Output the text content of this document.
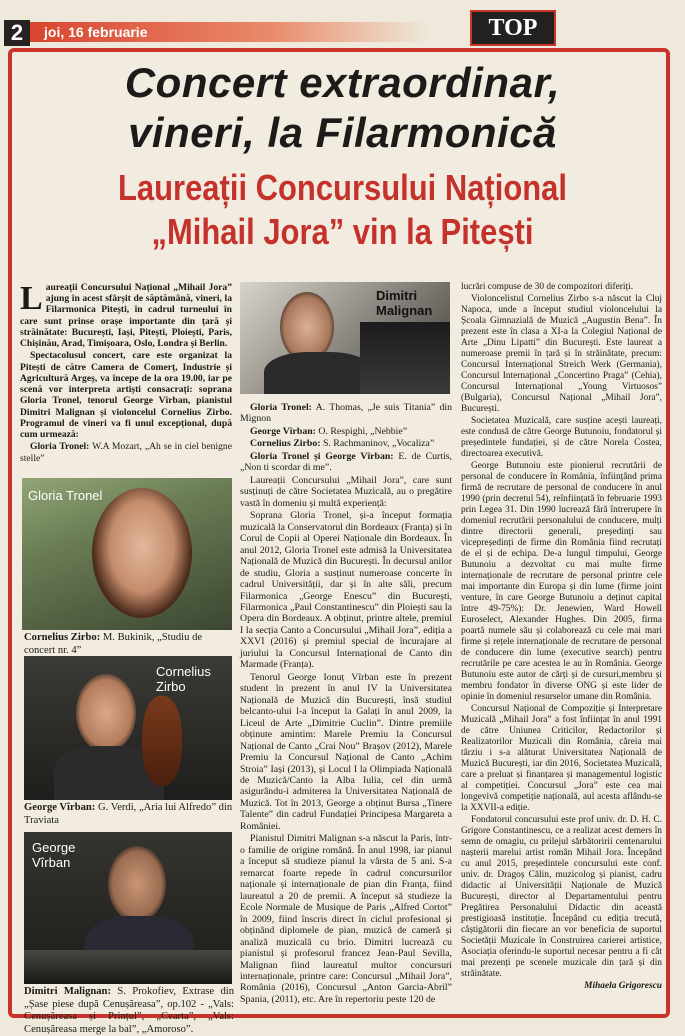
2	joi, 16 februarie	TOP
Concert extraordinar,
vineri, la Filarmonică
Laureații Concursului Național
„Mihail Jora” vin la Pitești

Laureații Concursului Național „Mihail Jora” ajung în acest sfârșit de săptămână, vineri, la Filarmonica Pitești, în cadrul turneului în care sunt prinse orașe importante din țară și străinătate: București, Iași, Pitești, Ploiești, Paris, Chișinău, Arad, Timișoara, Oslo, Londra și Berlin.

Spectacolusul concert, care este organizat la Pitești de către Camera de Comerț, Industrie și Agricultură Argeș, va începe de la ora 19.00, iar pe scenă vor interpreta artiști consacrați: soprana Gloria Tronel, tenorul George Vîrban, pianistul Dimitri Malignan și violoncelul Cornelius Zirbo. Programul de vineri va fi unul excepțional, după cum urmează:

Gloria Tronel: W.A Mozart, „Ah se in ciel benigne stelle”

Gloria Tronel
Cornelius Zirbo: M. Bukinik, „Studiu de concert nr. 4”
Cornelius Zirbo
George Vîrban: G. Verdi, „Aria lui Alfredo” din Traviata
George Vîrban
Dimitri Malignan: S. Prokofiev, Extrase din „Șase piese după Cenușăreasa”, op.102 - „Vals: Cenușăreasa și Prințul”, „Cearta”, „Vals: Cenușăreasa merge la bal”, „Amoroso”.
Dimitri Malignan

Gloria Tronel: A. Thomas, „Je suis Titania” din Mignon

George Vîrban: O. Respighi, „Nebbie”

Cornelius Zirbo: S. Rachmaninov, „Vocaliza”

Gloria Tronel și George Vîrban: E. de Curtis, „Non ti scordar di me”.

Laureații Concursului „Mihail Jora”, care sunt susținuți de către Societatea Muzicală, au o pregătire vastă în domeniu și multă experiență:

Soprana Gloria Tronel, și-a început formația muzicală la Conservatorul din Bordeaux (Franța) și în Corul de Copii al Operei Naționale din Bordeaux. În anul 2012, Gloria Tronel este admisă la Universitatea Națională de Muzică din București. În decursul anilor de studiu, Gloria a susținut numeroase concerte în cadrul Universității, dar și în alte săli, precum Filarmonica „George Enescu” din București, Filarmonica „Paul Constantinescu” din Ploiești sau la Opera din Bordeaux. A obținut, printre altele, premiul I la secția Canto a Concursului „Mihail Jora”, ediția a XXVI (2016) și premiul special de încurajare al juriului la Concursul Internațional de Canto din Marmade (Franța).

Tenorul George Ionuț Vîrban este în prezent student în prezent în anul IV la Universitatea Națională de Muzică din București, însă studiul belcanto-ului l-a început la Galați în anul 2009, la Liceul de Arte „Dimitrie Cuclin”. Dintre premiile obținute amintim: Marele Premiu la Concursul Național de Canto „Crai Nou” Brașov (2012), Marele Premiu la Concursul Național de Canto „Achim Stroia” Iași (2013), și Locul I la Olimpiada Națională de Muzică/Canto la Alba Iulia, cel din urmă asigurându-i admiterea la Universitatea Națională de Muzică. Tot în 2013, George a obținut Bursa „Tinere Talente” din cadrul Fundației Principesa Margareta a României.

Pianistul Dimitri Malignan s-a născut la Paris, într-o familie de origine română. În anul 1998, iar pianul a început să studieze pianul la vârsta de 5 ani. S-a remarcat foarte repede în cadrul concursurilor naționale și internaționale de pian din Franța, fiind laureatul a 20 de premii. A început să studieze la Ecole Normale de Musique de Paris „Alfred Cortot” în 2009, fiind înscris direct în ciclul profesional și obținând diplomele de pian, muzică de cameră și analiză muzicală cu brio. Dimitri lucrează cu pianistul și profesorul francez Jean-Paul Sevilla, Malignan fiind laureatul multor concursuri internaționale, printre care: Concursul „Mihail Jora”, România (2016), Concursul „Anton Garcia-Abril” Spania, (2011), etc. Are în repertoriu peste 120 de

lucrări compuse de 30 de compozitori diferiți.

Violoncelistul Cornelius Zirbo s-a născut la Cluj Napoca, unde a început studiul violoncelului la Școala Gimnazială de Muzică „Augustin Bena”. În prezent este în clasa a XI-a la Colegiul Național de Arte „Dinu Lipatti” din București. Este laureat a numeroase premii în țară și în străinătate, precum: Concursul Internațional Streich Werk (Germania), Concursul Internațional „Concertino Praga” (Cehia), Concursul Internațional „Young Virtuosos” (Bulgaria), Concursul Național „Mihail Jora”, București.

Societatea Muzicală, care susține acești laureați, este condusă de către George Butunoiu, fondatorul și președintele fundației, și de către Norela Costea, directoarea executivă.

George Butunoiu este pionierul recrutării de personal de conducere în România, înființând prima firmă de recrutare de personal de conducere în anul 1990 (prin decretul 54), reînființată în februarie 1993 prin Legea 31. Din 1990 lucrează fără întrerupere în domeniul recrutării personalului de conducere, mulți dintre directorii generali, președinți sau vicepreședinți de firme din România fiind recrutați de el și de echipa. De-a lungul timpului, George Butunoiu a dezvoltat cu mai multe firme internaționale de recrutare de personal printre cele mai importante din Europa și din lume (firme joint venture, în care George Butunoiu a deținut capital între 49-75%): Dr. Jenewien, Ward Howell Euroselect, Alexander Hughes. Din 2005, firma poartă numele său și colaborează cu cele mai mari firme și rețele internaționale de recrutare de personal de conducere din lume (executive search) pentru recrutările pe care acestea le au în România. George Butunoiu este autor de cărți și de cursuri,membru și membru fondator în diverse ONG și este lider de opinie în domeniul resurselor umane din România.

Concursul Național de Compoziție și Interpretare Muzicală „Mihail Jora” a fost înființat în anul 1991 de către Uniunea Criticilor, Redactorilor și Realizatorilor Muzicali din România, căreia mai târziu i s-a alăturat Universitatea Națională de Muzică București, iar din 2016, Societatea Muzicală, care a preluat și finanțarea și managementul logistic al competiției. Concursul „Jora” este cea mai longevivă competiție națională, aul acesta aflându-se la XXVII-a ediție.

Fondatorul concursului este prof univ. dr. D. H. C. Grigore Constantinescu, ce a realizat acest demers în semn de omagiu, cu prilejul sărbătoririi centenarului nașterii marelui artist român Mihail Jora. Începând cu anul 2015, președintele concursului este conf. univ. dr. Dragoș Călin, muzicolog și pianist, cadru didactic al Universității Naționale de Muzică București, director al Departamentului pentru Pregătirea Personalului Didactic din această prestigioasă instituție. Începând cu ediția trecută, câștigătorii din fiecare an vor beneficia de suportul Societății Muzicale în Construirea carierei artistice, Asociația oferindu-le suportul necesar pentru a fi cât mai prezenți pe scenele muzicale din țară și din străinătate.

Mihaela Grigorescu
